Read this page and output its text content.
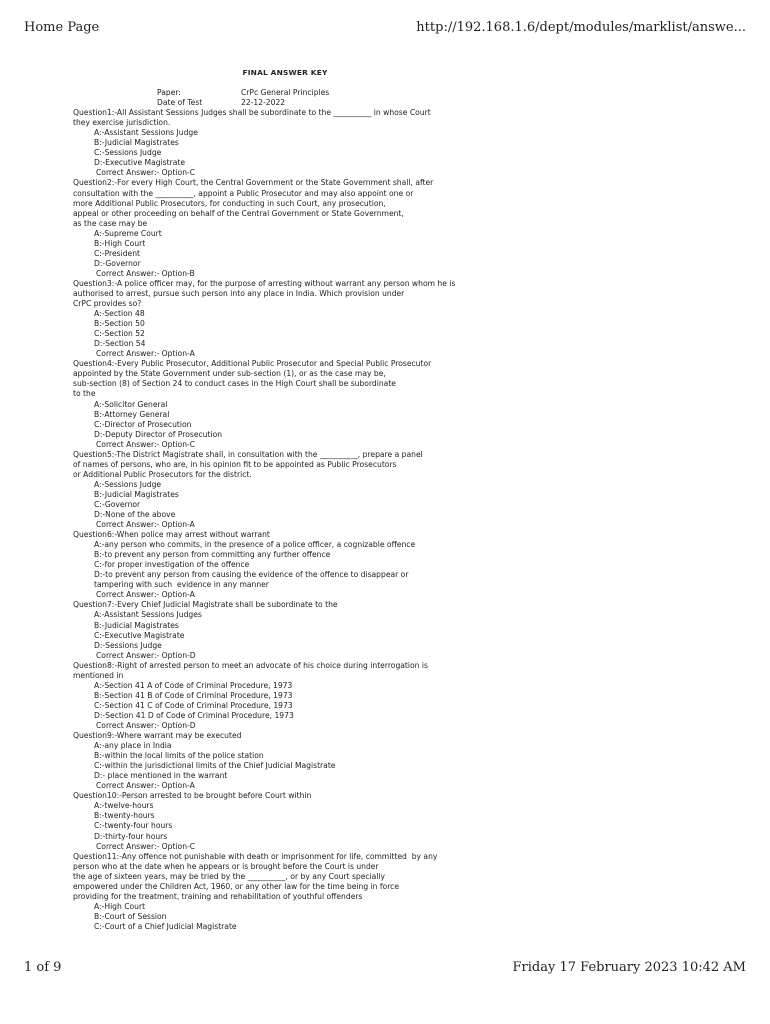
Home Page	http://192.168.1.6/dept/modules/marklist/answe...
FINAL ANSWER KEY
Paper:	CrPc General Principles
Date of Test	22-12-2022
Question1:-All Assistant Sessions Judges shall be subordinate to the __________ in whose Court
they exercise jurisdiction.
A:-Assistant Sessions Judge
B:-Judicial Magistrates
C:-Sessions Judge
D:-Executive Magistrate
Correct Answer:- Option-C
Question2:-For every High Court, the Central Government or the State Government shall, after
consultation with the __________, appoint a Public Prosecutor and may also appoint one or
more Additional Public Prosecutors, for conducting in such Court, any prosecution,
appeal or other proceeding on behalf of the Central Government or State Government,
as the case may be
A:-Supreme Court
B:-High Court
C:-President
D:-Governor
Correct Answer:- Option-B
Question3:-A police officer may, for the purpose of arresting without warrant any person whom he is
authorised to arrest, pursue such person into any place in India. Which provision under
CrPC provides so?
A:-Section 48
B:-Section 50
C:-Section 52
D:-Section 54
Correct Answer:- Option-A
Question4:-Every Public Prosecutor, Additional Public Prosecutor and Special Public Prosecutor
appointed by the State Government under sub-section (1), or as the case may be,
sub-section (8) of Section 24 to conduct cases in the High Court shall be subordinate
to the
A:-Solicitor General
B:-Attorney General
C:-Director of Prosecution
D:-Deputy Director of Prosecution
Correct Answer:- Option-C
Question5:-The District Magistrate shall, in consultation with the __________, prepare a panel
of names of persons, who are, in his opinion fit to be appointed as Public Prosecutors
or Additional Public Prosecutors for the district.
A:-Sessions Judge
B:-Judicial Magistrates
C:-Governor
D:-None of the above
Correct Answer:- Option-A
Question6:-When police may arrest without warrant
A:-any person who commits, in the presence of a police officer, a cognizable offence
B:-to prevent any person from committing any further offence
C:-for proper investigation of the offence
D:-to prevent any person from causing the evidence of the offence to disappear or
tampering with such  evidence in any manner
Correct Answer:- Option-A
Question7:-Every Chief Judicial Magistrate shall be subordinate to the
A:-Assistant Sessions Judges
B:-Judicial Magistrates
C:-Executive Magistrate
D:-Sessions Judge
Correct Answer:- Option-D
Question8:-Right of arrested person to meet an advocate of his choice during interrogation is
mentioned in
A:-Section 41 A of Code of Criminal Procedure, 1973
B:-Section 41 B of Code of Criminal Procedure, 1973
C:-Section 41 C of Code of Criminal Procedure, 1973
D:-Section 41 D of Code of Criminal Procedure, 1973
Correct Answer:- Option-D
Question9:-Where warrant may be executed
A:-any place in India
B:-within the local limits of the police station
C:-within the jurisdictional limits of the Chief Judicial Magistrate
D:- place mentioned in the warrant
Correct Answer:- Option-A
Question10:-Person arrested to be brought before Court within
A:-twelve-hours
B:-twenty-hours
C:-twenty-four hours
D:-thirty-four hours
Correct Answer:- Option-C
Question11:-Any offence not punishable with death or imprisonment for life, committed  by any
person who at the date when he appears or is brought before the Court is under
the age of sixteen years, may be tried by the __________, or by any Court specially
empowered under the Children Act, 1960, or any other law for the time being in force
providing for the treatment, training and rehabilitation of youthful offenders
A:-High Court
B:-Court of Session
C:-Court of a Chief Judicial Magistrate
1 of 9	Friday 17 February 2023 10:42 AM
